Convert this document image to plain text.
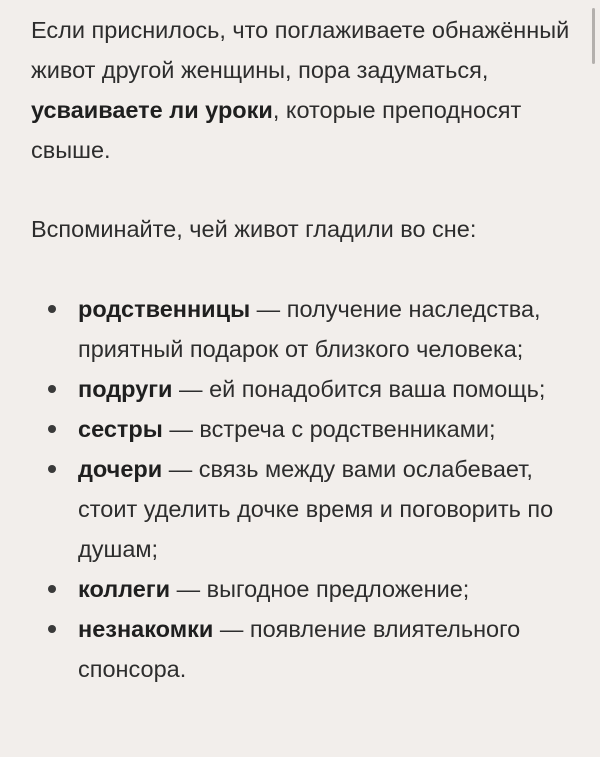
Если приснилось, что поглаживаете обнажённый живот другой женщины, пора задуматься, усваиваете ли уроки, которые преподносят свыше.

Вспоминайте, чей живот гладили во сне:

родственницы — получение наследства, приятный подарок от близкого человека;
подруги — ей понадобится ваша помощь;
сестры — встреча с родственниками;
дочери — связь между вами ослабевает, стоит уделить дочке время и поговорить по душам;
коллеги — выгодное предложение;
незнакомки — появление влиятельного спонсора.
